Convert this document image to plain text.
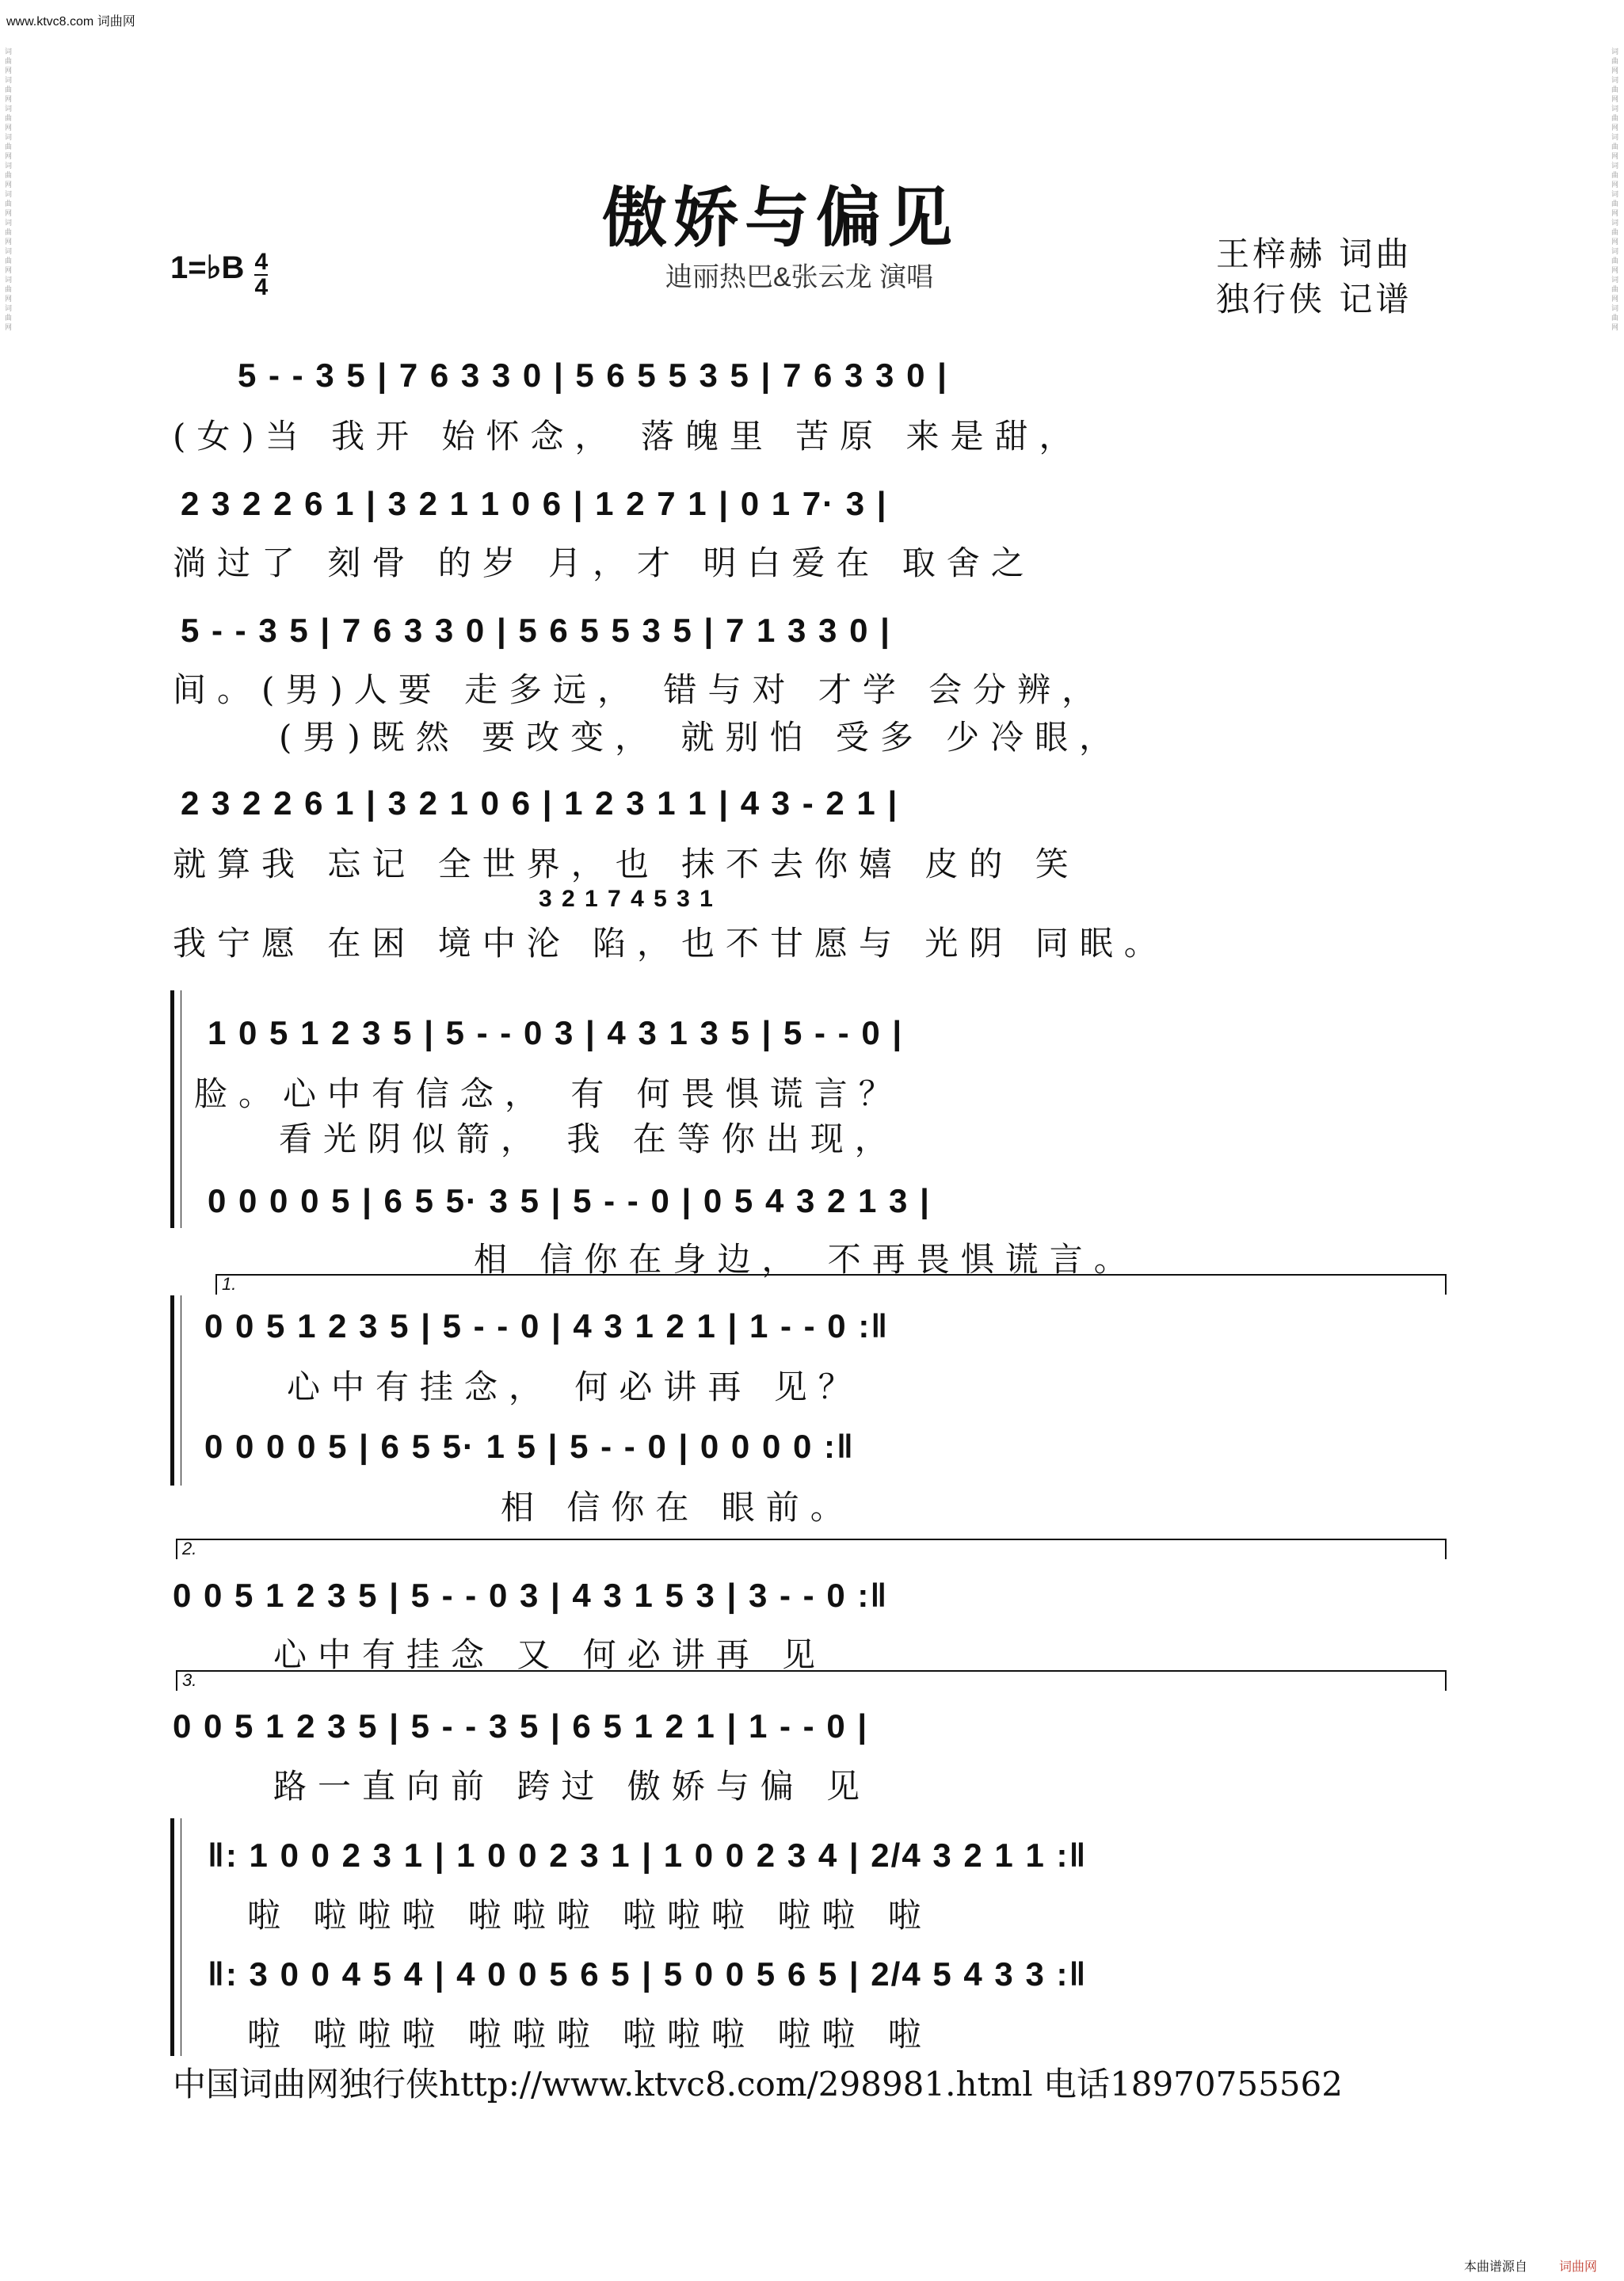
www.ktvc8.com 词曲网
词曲网词曲网词曲网词曲网词曲网词曲网词曲网词曲网词曲网词曲网
词曲网词曲网词曲网词曲网词曲网词曲网词曲网词曲网词曲网词曲网
傲娇与偏见
1=♭B $\frac{4}{4}$	迪丽热巴&张云龙 演唱
王梓赫 词曲
独行侠 记谱
5 - - 3 5 | 7 6 3 3 0 | 5 6 5 5 3 5 | 7 6 3 3 0 |
(女)当 我开 始怀念， 落魄里 苦原 来是甜，
2 3 2 2 6 1 | 3 2 1 1 0 6 | 1 2 7 1 | 0 1 7· 3 |
淌过了 刻骨 的岁 月，才 明白爱在 取舍之
5 - - 3 5 | 7 6 3 3 0 | 5 6 5 5 3 5 | 7 1 3 3 0 |
间。(男)人要 走多远， 错与对 才学 会分辨，
(男)既然 要改变， 就别怕 受多 少冷眼，
2 3 2 2 6 1 | 3 2 1 0 6 | 1 2 3 1 1 | 4 3 - 2 1 |
就算我 忘记 全世界，也 抹不去你嬉 皮的 笑
3 2 1 7 4 5 3 1
我宁愿 在困 境中沦 陷，也不甘愿与 光阴 同眠。
1 0 5 1 2 3 5 | 5 - - 0 3 | 4 3 1 3 5 | 5 - - 0 |
脸。心中有信念， 有 何畏惧谎言？
看光阴似箭， 我 在等你出现，
0 0 0 0 5 | 6 5 5· 3 5 | 5 - - 0 | 0 5 4 3 2 1 3 |
相 信你在身边， 不再畏惧谎言。
1.
0 0 5 1 2 3 5 | 5 - - 0 | 4 3 1 2 1 | 1 - - 0 :‖
心中有挂念， 何必讲再 见？
0 0 0 0 5 | 6 5 5· 1 5 | 5 - - 0 | 0 0 0 0 :‖
相 信你在 眼前。
2.
0 0 5 1 2 3 5 | 5 - - 0 3 | 4 3 1 5 3 | 3 - - 0 :‖
心中有挂念 又 何必讲再 见
3.
0 0 5 1 2 3 5 | 5 - - 3 5 | 6 5 1 2 1 | 1 - - 0 |
路一直向前 跨过 傲娇与偏 见
‖: 1 0 0 2 3 1 | 1 0 0 2 3 1 | 1 0 0 2 3 4 | 2/4 3 2 1 1 :‖
啦 啦啦啦 啦啦啦 啦啦啦 啦啦 啦
‖: 3 0 0 4 5 4 | 4 0 0 5 6 5 | 5 0 0 5 6 5 | 2/4 5 4 3 3 :‖
啦 啦啦啦 啦啦啦 啦啦啦 啦啦 啦
中国词曲网独行侠http://www.ktvc8.com/298981.html 电话18970755562
本曲谱源自 词曲网
